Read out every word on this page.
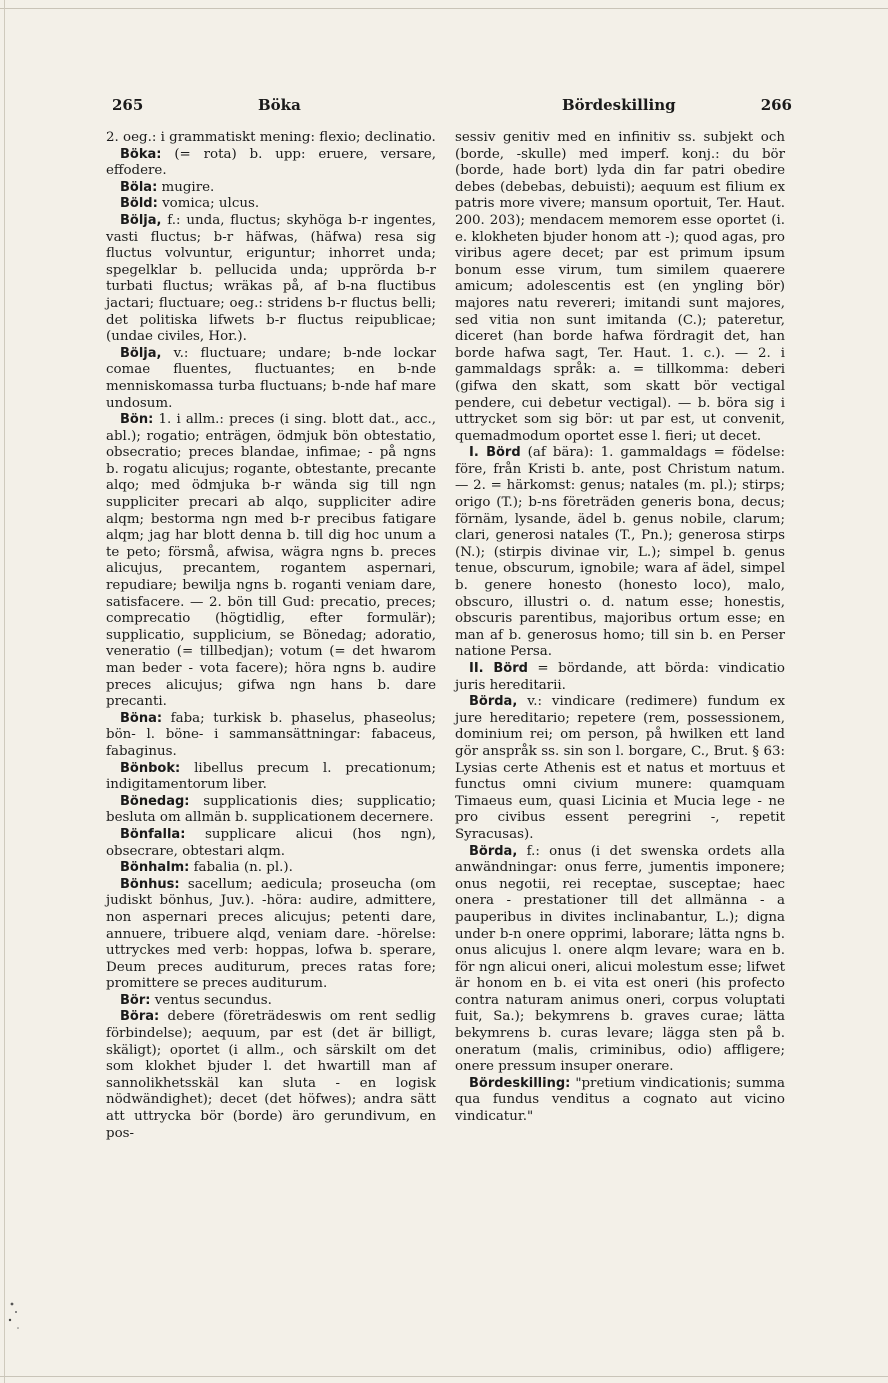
265	Böka	Bördeskilling	266

2. oeg.: i grammatiskt mening: flexio; declinatio.

Böka: (= rota) b. upp: eruere, versare, effodere.

Böla: mugire.

Böld: vomica; ulcus.

Bölja, f.: unda, fluctus; skyhöga b-r ingentes, vasti fluctus; b-r häfwas, (häfwa) resa sig fluctus volvuntur, eriguntur; inhorret unda; spegelklar b. pellucida unda; upprörda b-r turbati fluctus; wräkas på, af b-na fluctibus jactari; fluctuare; oeg.: stridens b-r fluctus belli; det politiska lifwets b-r fluctus reipublicae; (undae civiles, Hor.).

Bölja, v.: fluctuare; undare; b-nde lockar comae fluentes, fluctuantes; en b-nde menniskomassa turba fluctuans; b-nde haf mare undosum.

Bön: 1. i allm.: preces (i sing. blott dat., acc., abl.); rogatio; enträgen, ödmjuk bön obtestatio, obsecratio; preces blandae, infimae; - på ngns b. rogatu alicujus; rogante, obtestante, precante alqo; med ödmjuka b-r wända sig till ngn suppliciter precari ab alqo, suppliciter adire alqm; bestorma ngn med b-r precibus fatigare alqm; jag har blott denna b. till dig hoc unum a te peto; försmå, afwisa, wägra ngns b. preces alicujus, precantem, rogantem aspernari, repudiare; bewilja ngns b. roganti veniam dare, satisfacere. — 2. bön till Gud: precatio, preces; comprecatio (högtidlig, efter formulär); supplicatio, supplicium, se Bönedag; adoratio, veneratio (= tillbedjan); votum (= det hwarom man beder - vota facere); höra ngns b. audire preces alicujus; gifwa ngn hans b. dare precanti.

Böna: faba; turkisk b. phaselus, phaseolus; bön- l. böne- i sammansättningar: fabaceus, fabaginus.

Bönbok: libellus precum l. precationum; indigitamentorum liber.

Bönedag: supplicationis dies; supplicatio; besluta om allmän b. supplicationem decernere.

Bönfalla: supplicare alicui (hos ngn), obsecrare, obtestari alqm.

Bönhalm: fabalia (n. pl.).

Bönhus: sacellum; aedicula; proseucha (om judiskt bönhus, Juv.). -höra: audire, admittere, non aspernari preces alicujus; petenti dare, annuere, tribuere alqd, veniam dare. -hörelse: uttryckes med verb: hoppas, lofwa b. sperare, Deum preces auditurum, preces ratas fore; promittere se preces auditurum.

Bör: ventus secundus.

Böra: debere (företrädeswis om rent sedlig förbindelse); aequum, par est (det är billigt, skäligt); oportet (i allm., och särskilt om det som klokhet bjuder l. det hwartill man af sannolikhetsskäl kan sluta - en logisk nödwändighet); decet (det höfwes); andra sätt att uttrycka bör (borde) äro gerundivum, en pos-

sessiv genitiv med en infinitiv ss. subjekt och (borde, -skulle) med imperf. konj.: du bör (borde, hade bort) lyda din far patri obedire debes (debebas, debuisti); aequum est filium ex patris more vivere; mansum oportuit, Ter. Haut. 200. 203); mendacem memorem esse oportet (i. e. klokheten bjuder honom att -); quod agas, pro viribus agere decet; par est primum ipsum bonum esse virum, tum similem quaerere amicum; adolescentis est (en yngling bör) majores natu revereri; imitandi sunt majores, sed vitia non sunt imitanda (C.); pateretur, diceret (han borde hafwa fördragit det, han borde hafwa sagt, Ter. Haut. 1. c.). — 2. i gammaldags språk: a. = tillkomma: deberi (gifwa den skatt, som skatt bör vectigal pendere, cui debetur vectigal). — b. böra sig i uttrycket som sig bör: ut par est, ut convenit, quemadmodum oportet esse l. fieri; ut decet.

I. Börd (af bära): 1. gammaldags = födelse: före, från Kristi b. ante, post Christum natum. — 2. = härkomst: genus; natales (m. pl.); stirps; origo (T.); b-ns företräden generis bona, decus; förnäm, lysande, ädel b. genus nobile, clarum; clari, generosi natales (T., Pn.); generosa stirps (N.); (stirpis divinae vir, L.); simpel b. genus tenue, obscurum, ignobile; wara af ädel, simpel b. genere honesto (honesto loco), malo, obscuro, illustri o. d. natum esse; honestis, obscuris parentibus, majoribus ortum esse; en man af b. generosus homo; till sin b. en Perser natione Persa.

II. Börd = bördande, att börda: vindicatio juris hereditarii.

Börda, v.: vindicare (redimere) fundum ex jure hereditario; repetere (rem, possessionem, dominium rei; om person, på hwilken ett land gör anspråk ss. sin son l. borgare, C., Brut. § 63: Lysias certe Athenis est et natus et mortuus et functus omni civium munere: quamquam Timaeus eum, quasi Licinia et Mucia lege - ne pro civibus essent peregrini -, repetit Syracusas).

Börda, f.: onus (i det swenska ordets alla anwändningar: onus ferre, jumentis imponere; onus negotii, rei receptae, susceptae; haec onera - prestationer till det allmänna - a pauperibus in divites inclinabantur, L.); digna under b-n onere opprimi, laborare; lätta ngns b. onus alicujus l. onere alqm levare; wara en b. för ngn alicui oneri, alicui molestum esse; lifwet är honom en b. ei vita est oneri (his profecto contra naturam animus oneri, corpus voluptati fuit, Sa.); bekymrens b. graves curae; lätta bekymrens b. curas levare; lägga sten på b. oneratum (malis, criminibus, odio) affligere; onere pressum insuper onerare.

Bördeskilling: "pretium vindicationis; summa qua fundus venditus a cognato aut vicino vindicatur."
